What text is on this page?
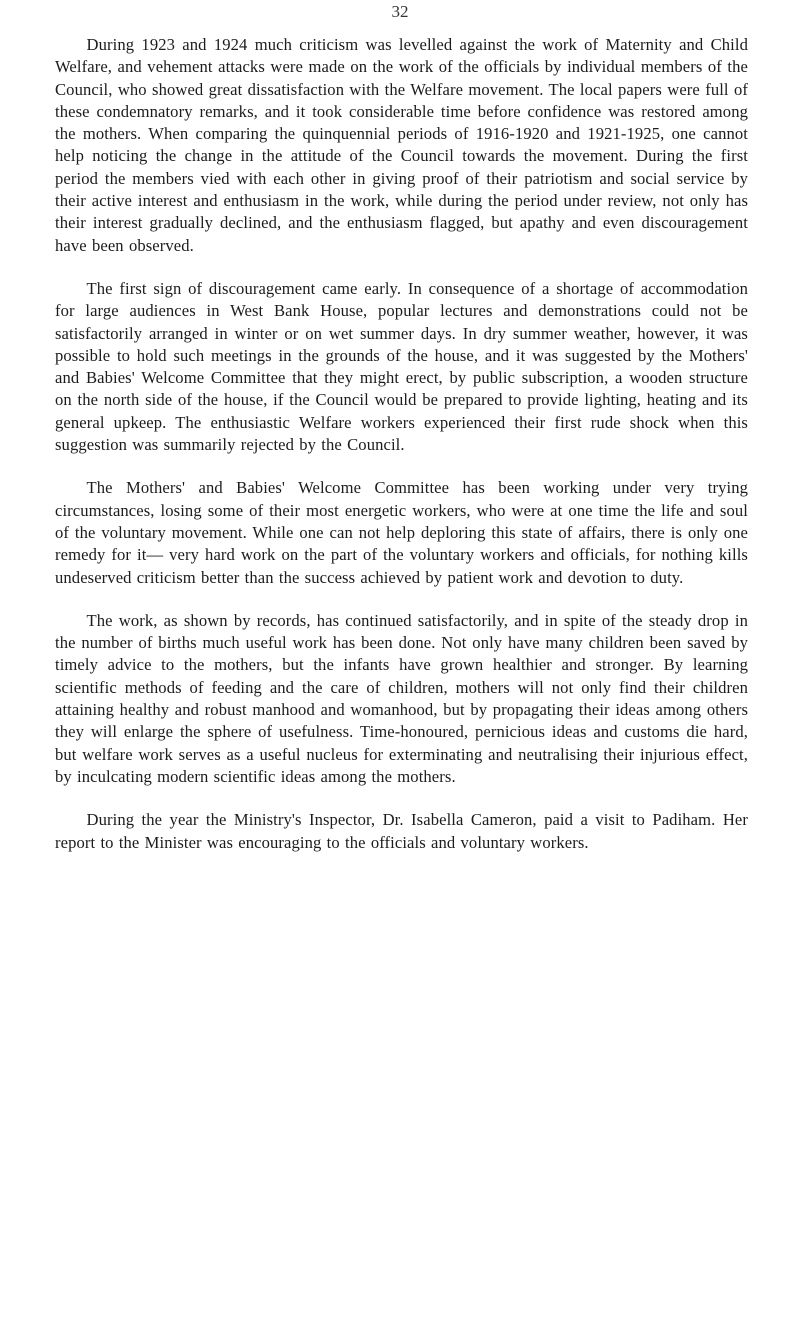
32

During 1923 and 1924 much criticism was levelled against the work of Maternity and Child Welfare, and vehement attacks were made on the work of the officials by individual members of the Council, who showed great dissatisfaction with the Welfare movement. The local papers were full of these condemnatory remarks, and it took considerable time before confidence was restored among the mothers. When comparing the quinquennial periods of 1916-1920 and 1921-1925, one cannot help noticing the change in the attitude of the Council towards the movement. During the first period the members vied with each other in giving proof of their patriotism and social service by their active interest and enthusiasm in the work, while during the period under review, not only has their interest gradually declined, and the enthusiasm flagged, but apathy and even discouragement have been observed.

The first sign of discouragement came early. In consequence of a shortage of accommodation for large audiences in West Bank House, popular lectures and demonstrations could not be satisfactorily arranged in winter or on wet summer days. In dry summer weather, however, it was possible to hold such meetings in the grounds of the house, and it was suggested by the Mothers' and Babies' Welcome Committee that they might erect, by public subscription, a wooden structure on the north side of the house, if the Council would be prepared to provide lighting, heating and its general upkeep. The enthusiastic Welfare workers experienced their first rude shock when this suggestion was summarily rejected by the Council.

The Mothers' and Babies' Welcome Committee has been working under very trying circumstances, losing some of their most energetic workers, who were at one time the life and soul of the voluntary movement. While one can not help deploring this state of affairs, there is only one remedy for it— very hard work on the part of the voluntary workers and officials, for nothing kills undeserved criticism better than the success achieved by patient work and devotion to duty.

The work, as shown by records, has continued satisfactorily, and in spite of the steady drop in the number of births much useful work has been done. Not only have many children been saved by timely advice to the mothers, but the infants have grown healthier and stronger. By learning scientific methods of feeding and the care of children, mothers will not only find their children attaining healthy and robust manhood and womanhood, but by propagating their ideas among others they will enlarge the sphere of usefulness. Time-honoured, pernicious ideas and customs die hard, but welfare work serves as a useful nucleus for exterminating and neutralising their injurious effect, by inculcating modern scientific ideas among the mothers.

During the year the Ministry's Inspector, Dr. Isabella Cameron, paid a visit to Padiham. Her report to the Minister was encouraging to the officials and voluntary workers.
